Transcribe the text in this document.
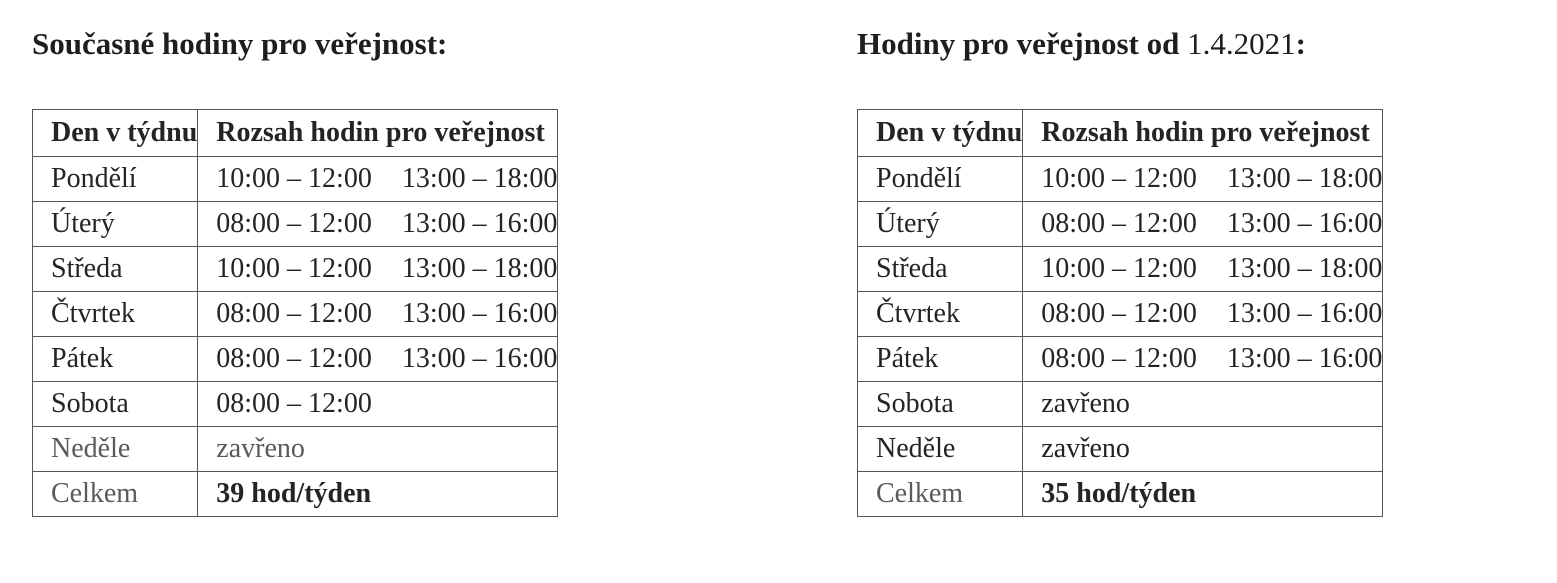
Současné hodiny pro veřejnost:
Den v týdnu	Rozsah hodin pro veřejnost
Pondělí	10:00 – 12:00 13:00 – 18:00
Úterý	08:00 – 12:00 13:00 – 16:00
Středa	10:00 – 12:00 13:00 – 18:00
Čtvrtek	08:00 – 12:00 13:00 – 16:00
Pátek	08:00 – 12:00 13:00 – 16:00
Sobota	08:00 – 12:00
Neděle	zavřeno
Celkem	39 hod/týden
Hodiny pro veřejnost od 1.4.2021:
Den v týdnu	Rozsah hodin pro veřejnost
Pondělí	10:00 – 12:00 13:00 – 18:00
Úterý	08:00 – 12:00 13:00 – 16:00
Středa	10:00 – 12:00 13:00 – 18:00
Čtvrtek	08:00 – 12:00 13:00 – 16:00
Pátek	08:00 – 12:00 13:00 – 16:00
Sobota	zavřeno
Neděle	zavřeno
Celkem	35 hod/týden
